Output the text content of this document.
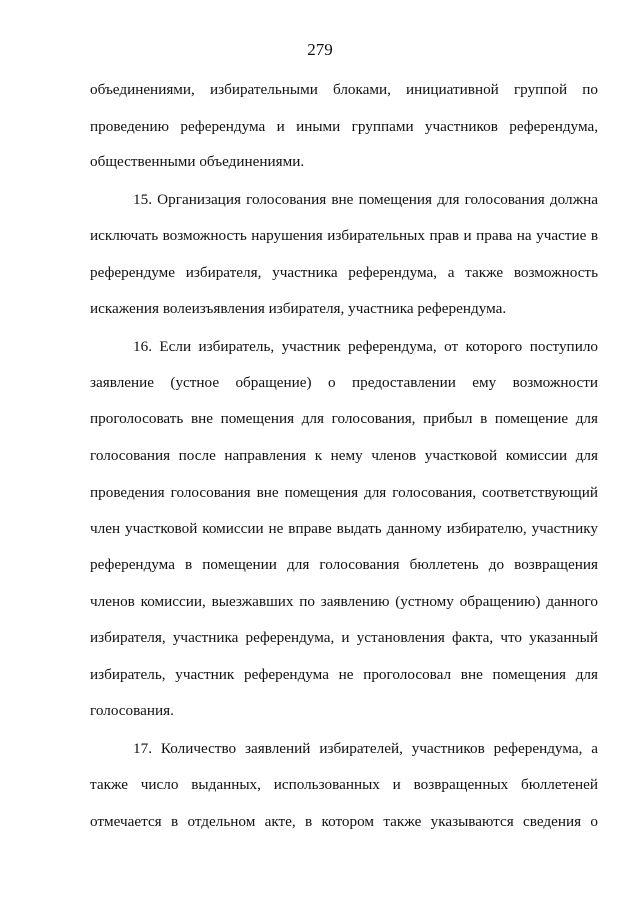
279
объединениями, избирательными блоками, инициативной группой по
проведению референдума и иными группами участников референдума,
общественными объединениями.
15. Организация голосования вне помещения для голосования должна
исключать возможность нарушения избирательных прав и права на участие в
референдуме избирателя, участника референдума, а также возможность
искажения волеизъявления избирателя, участника референдума.
16. Если избиратель, участник референдума, от которого поступило
заявление (устное обращение) о предоставлении ему возможности
проголосовать вне помещения для голосования, прибыл в помещение для
голосования после направления к нему членов участковой комиссии для
проведения голосования вне помещения для голосования, соответствующий
член участковой комиссии не вправе выдать данному избирателю, участнику
референдума в помещении для голосования бюллетень до возвращения
членов комиссии, выезжавших по заявлению (устному обращению) данного
избирателя, участника референдума, и установления факта, что указанный
избиратель, участник референдума не проголосовал вне помещения для
голосования.
17. Количество заявлений избирателей, участников референдума, а
также число выданных, использованных и возвращенных бюллетеней
отмечается в отдельном акте, в котором также указываются сведения о
